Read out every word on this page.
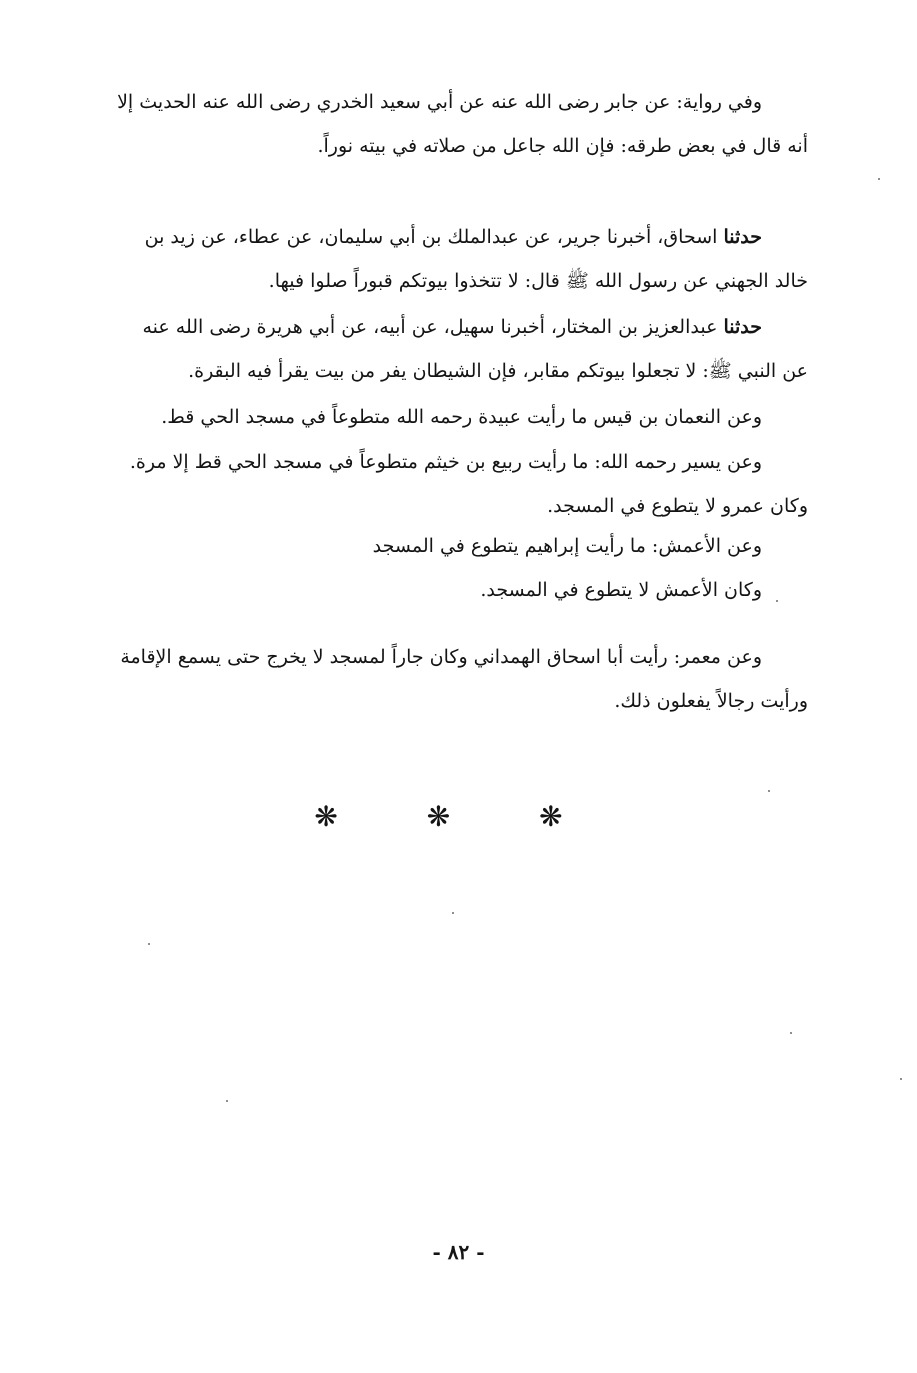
وفي رواية: عن جابر رضى الله عنه عن أبي سعيد الخدري رضى الله عنه الحديث إلا
أنه قال في بعض طرقه: فإن الله جاعل من صلاته في بيته نوراً.
حدثنا اسحاق، أخبرنا جرير، عن عبدالملك بن أبي سليمان، عن عطاء، عن زيد بن
خالد الجهني عن رسول الله ﷺ قال: لا تتخذوا بيوتكم قبوراً صلوا فيها.
حدثنا عبدالعزيز بن المختار، أخبرنا سهيل، عن أبيه، عن أبي هريرة رضى الله عنه
عن النبي ﷺ: لا تجعلوا بيوتكم مقابر، فإن الشيطان يفر من بيت يقرأ فيه البقرة.
وعن النعمان بن قيس ما رأيت عبيدة رحمه الله متطوعاً في مسجد الحي قط.
وعن يسير رحمه الله: ما رأيت ربيع بن خيثم متطوعاً في مسجد الحي قط إلا مرة.
وكان عمرو لا يتطوع في المسجد.
وعن الأعمش: ما رأيت إبراهيم يتطوع في المسجد
وكان الأعمش لا يتطوع في المسجد.
وعن معمر: رأيت أبا اسحاق الهمداني وكان جاراً لمسجد لا يخرج حتى يسمع الإقامة
ورأيت رجالاً يفعلون ذلك.
❋ ❋ ❋
- ٨٢ -
